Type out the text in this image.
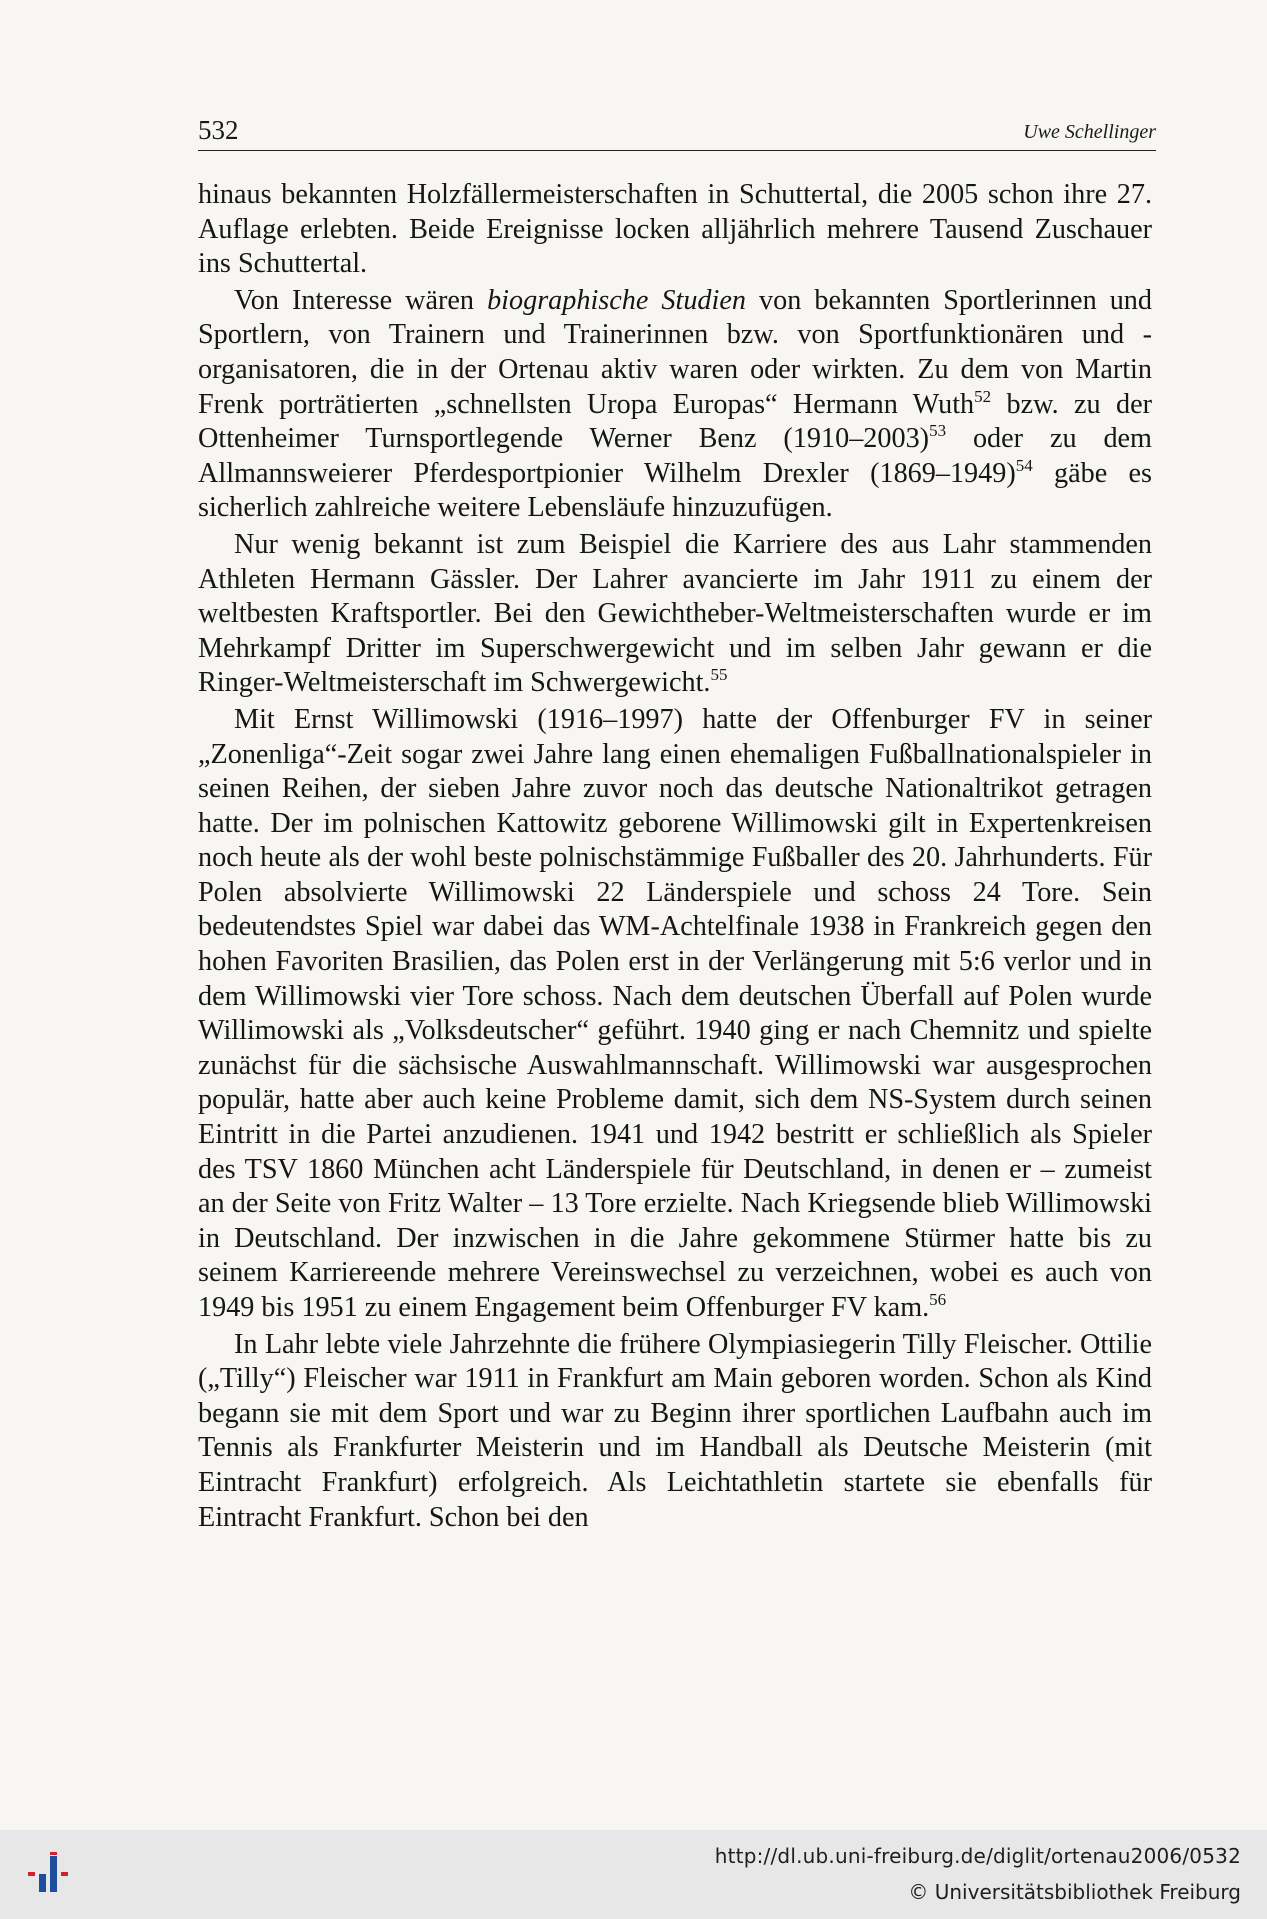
532	Uwe Schellinger

hinaus bekannten Holzfällermeisterschaften in Schuttertal, die 2005 schon ihre 27. Auflage erlebten. Beide Ereignisse locken alljährlich mehrere Tausend Zuschauer ins Schuttertal.

Von Interesse wären biographische Studien von bekannten Sportlerinnen und Sportlern, von Trainern und Trainerinnen bzw. von Sportfunktionären und -organisatoren, die in der Ortenau aktiv waren oder wirkten. Zu dem von Martin Frenk porträtierten „schnellsten Uropa Europas“ Hermann Wuth$^{52}$ bzw. zu der Ottenheimer Turnsportlegende Werner Benz (1910–2003)$^{53}$ oder zu dem Allmannsweierer Pferdesportpionier Wilhelm Drexler (1869–1949)$^{54}$ gäbe es sicherlich zahlreiche weitere Lebensläufe hinzuzufügen.

Nur wenig bekannt ist zum Beispiel die Karriere des aus Lahr stammenden Athleten Hermann Gässler. Der Lahrer avancierte im Jahr 1911 zu einem der weltbesten Kraftsportler. Bei den Gewichtheber-Weltmeisterschaften wurde er im Mehrkampf Dritter im Superschwergewicht und im selben Jahr gewann er die Ringer-Weltmeisterschaft im Schwergewicht.$^{55}$

Mit Ernst Willimowski (1916–1997) hatte der Offenburger FV in seiner „Zonenliga“-Zeit sogar zwei Jahre lang einen ehemaligen Fußballnationalspieler in seinen Reihen, der sieben Jahre zuvor noch das deutsche Nationaltrikot getragen hatte. Der im polnischen Kattowitz geborene Willimowski gilt in Expertenkreisen noch heute als der wohl beste polnischstämmige Fußballer des 20. Jahrhunderts. Für Polen absolvierte Willimowski 22 Länderspiele und schoss 24 Tore. Sein bedeutendstes Spiel war dabei das WM-Achtelfinale 1938 in Frankreich gegen den hohen Favoriten Brasilien, das Polen erst in der Verlängerung mit 5:6 verlor und in dem Willimowski vier Tore schoss. Nach dem deutschen Überfall auf Polen wurde Willimowski als „Volksdeutscher“ geführt. 1940 ging er nach Chemnitz und spielte zunächst für die sächsische Auswahlmannschaft. Willimowski war ausgesprochen populär, hatte aber auch keine Probleme damit, sich dem NS-System durch seinen Eintritt in die Partei anzudienen. 1941 und 1942 bestritt er schließlich als Spieler des TSV 1860 München acht Länderspiele für Deutschland, in denen er – zumeist an der Seite von Fritz Walter – 13 Tore erzielte. Nach Kriegsende blieb Willimowski in Deutschland. Der inzwischen in die Jahre gekommene Stürmer hatte bis zu seinem Karriereende mehrere Vereinswechsel zu verzeichnen, wobei es auch von 1949 bis 1951 zu einem Engagement beim Offenburger FV kam.$^{56}$

In Lahr lebte viele Jahrzehnte die frühere Olympiasiegerin Tilly Fleischer. Ottilie („Tilly“) Fleischer war 1911 in Frankfurt am Main geboren worden. Schon als Kind begann sie mit dem Sport und war zu Beginn ihrer sportlichen Laufbahn auch im Tennis als Frankfurter Meisterin und im Handball als Deutsche Meisterin (mit Eintracht Frankfurt) erfolgreich. Als Leichtathletin startete sie ebenfalls für Eintracht Frankfurt. Schon bei den

http://dl.ub.uni-freiburg.de/diglit/ortenau2006/0532
© Universitätsbibliothek Freiburg
